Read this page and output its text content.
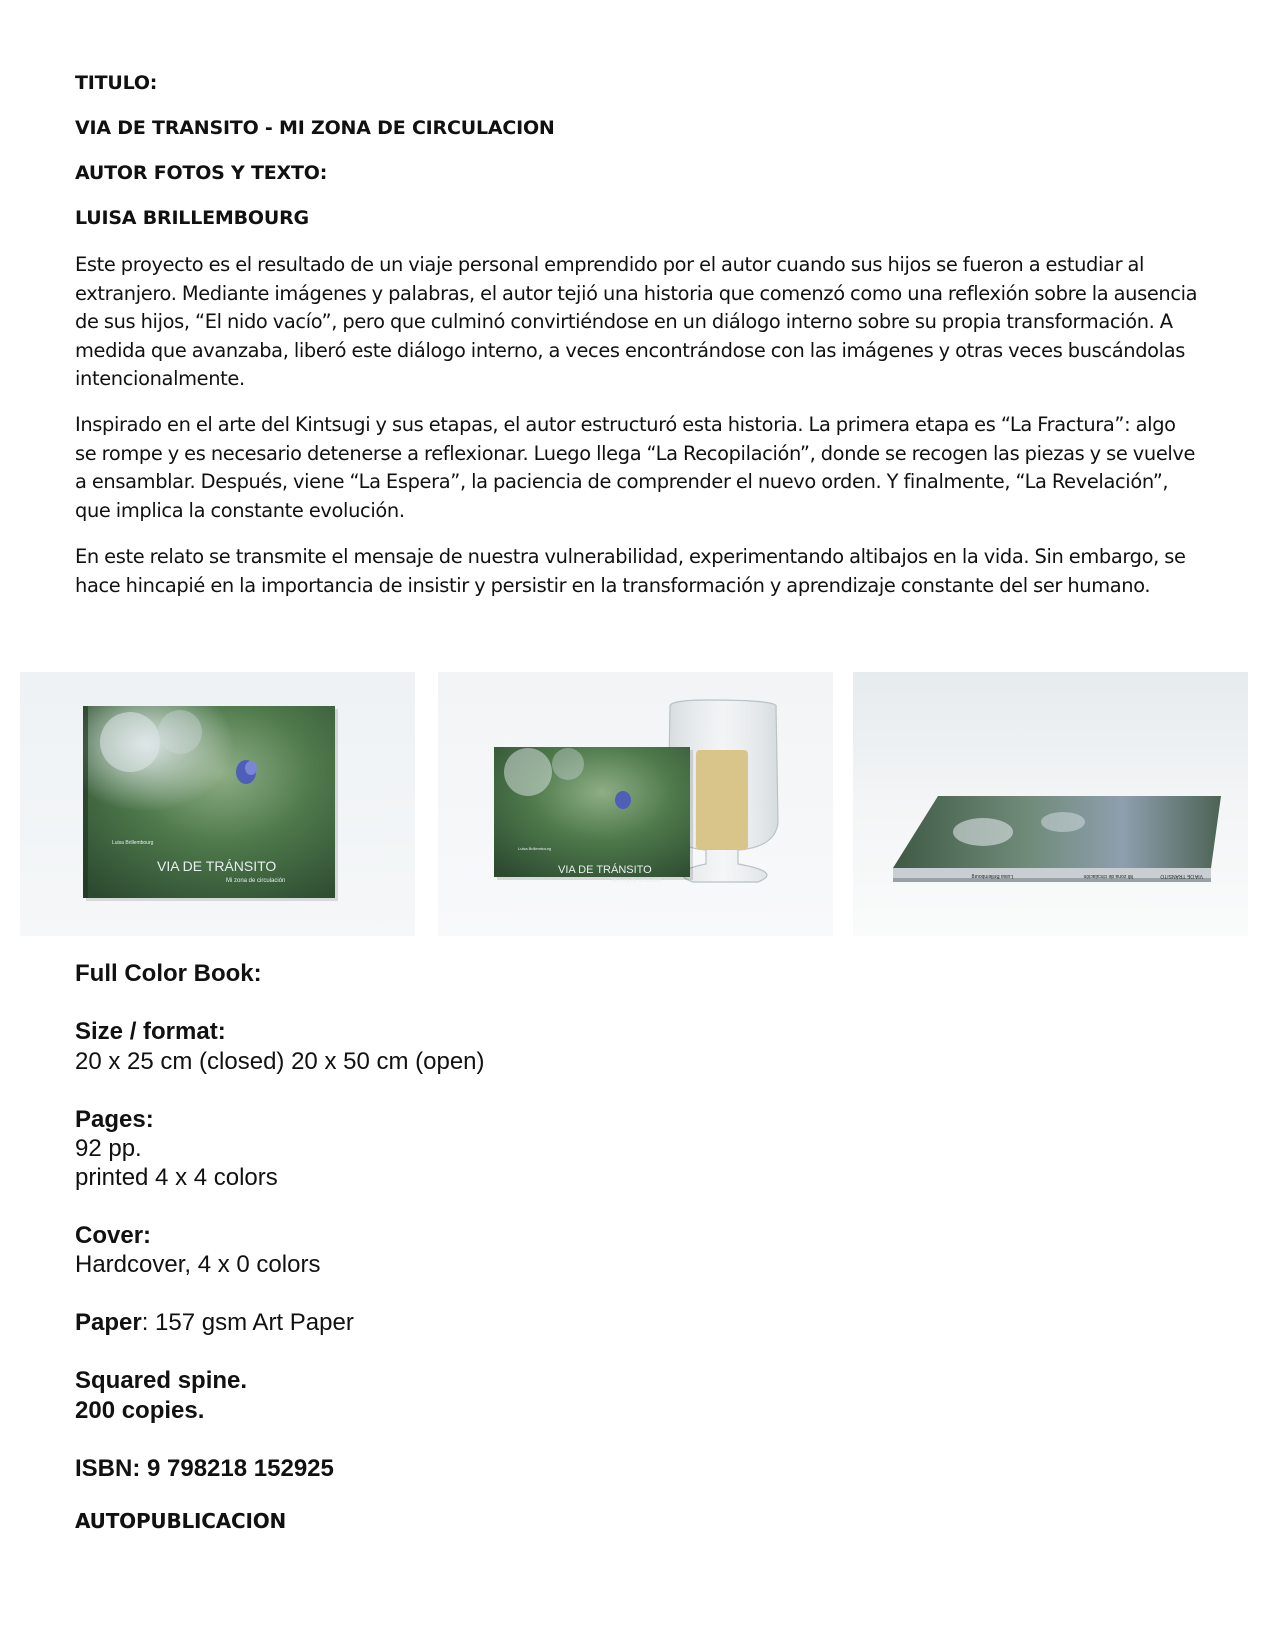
TITULO:
VIA DE TRANSITO - MI ZONA DE CIRCULACION
AUTOR FOTOS Y TEXTO:
LUISA BRILLEMBOURG

Este proyecto es el resultado de un viaje personal emprendido por el autor cuando sus hijos se fueron a estudiar al extranjero. Mediante imágenes y palabras, el autor tejió una historia que comenzó como una reflexión sobre la ausencia de sus hijos, “El nido vacío”, pero que culminó convirtiéndose en un diálogo interno sobre su propia transformación. A medida que avanzaba, liberó este diálogo interno, a veces encontrándose con las imágenes y otras veces buscándolas intencionalmente.

Inspirado en el arte del Kintsugi y sus etapas, el autor estructuró esta historia. La primera etapa es “La Fractura”: algo se rompe y es necesario detenerse a reflexionar. Luego llega “La Recopilación”, donde se recogen las piezas y se vuelve a ensamblar. Después, viene “La Espera”, la paciencia de comprender el nuevo orden. Y finalmente, “La Revelación”, que implica la constante evolución.

En este relato se transmite el mensaje de nuestra vulnerabilidad, experimentando altibajos en la vida. Sin embargo, se hace hincapié en la importancia de insistir y persistir en la transformación y aprendizaje constante del ser humano.

Luisa Brillembourg
VIA DE TRÁNSITO
Mi zona de circulación
Luisa Brillembourg
VIA DE TRÁNSITO
Mi zona de circulación
VIA DE TRÁNSITO
Mi zona de circulación
Luisa Brillembourg
Full Color Book:
Size / format:
20 x 25 cm (closed) 20 x 50 cm (open)
Pages:
92 pp.
printed 4 x 4 colors
Cover:
Hardcover, 4 x 0 colors
Paper: 157 gsm Art Paper
Squared spine.
200 copies.
ISBN: 9 798218 152925
AUTOPUBLICACION
